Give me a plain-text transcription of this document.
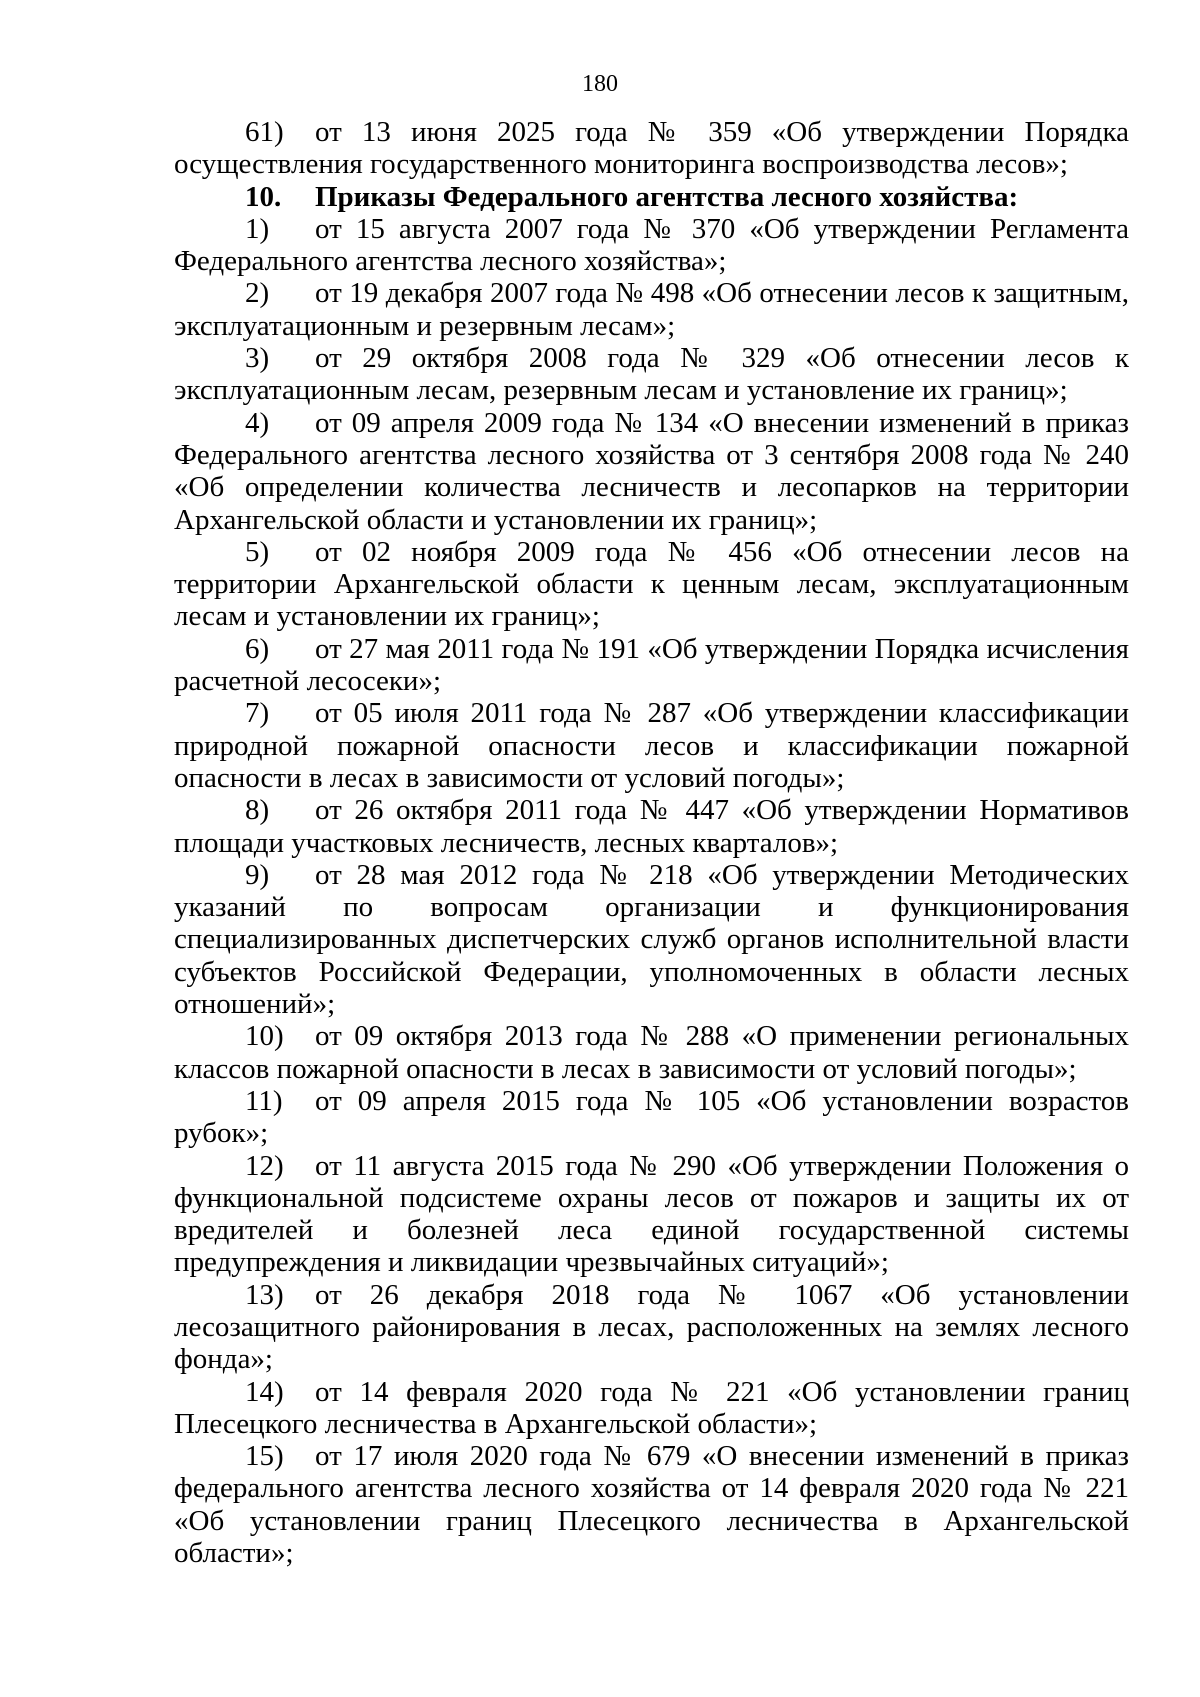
180

61) от 13 июня 2025 года № 359 «Об утверждении Порядка осуществления государственного мониторинга воспроизводства лесов»;

10. Приказы Федерального агентства лесного хозяйства:

1) от 15 августа 2007 года № 370 «Об утверждении Регламента Федерального агентства лесного хозяйства»;

2) от 19 декабря 2007 года № 498 «Об отнесении лесов к защитным, эксплуатационным и резервным лесам»;

3) от 29 октября 2008 года № 329 «Об отнесении лесов к эксплуатационным лесам, резервным лесам и установление их границ»;

4) от 09 апреля 2009 года № 134 «О внесении изменений в приказ Федерального агентства лесного хозяйства от 3 сентября 2008 года № 240 «Об определении количества лесничеств и лесопарков на территории Архангельской области и установлении их границ»;

5) от 02 ноября 2009 года № 456 «Об отнесении лесов на территории Архангельской области к ценным лесам, эксплуатационным лесам и установлении их границ»;

6) от 27 мая 2011 года № 191 «Об утверждении Порядка исчисления расчетной лесосеки»;

7) от 05 июля 2011 года № 287 «Об утверждении классификации природной пожарной опасности лесов и классификации пожарной опасности в лесах в зависимости от условий погоды»;

8) от 26 октября 2011 года № 447 «Об утверждении Нормативов площади участковых лесничеств, лесных кварталов»;

9) от 28 мая 2012 года № 218 «Об утверждении Методических указаний по вопросам организации и функционирования специализированных диспетчерских служб органов исполнительной власти субъектов Российской Федерации, уполномоченных в области лесных отношений»;

10) от 09 октября 2013 года № 288 «О применении региональных классов пожарной опасности в лесах в зависимости от условий погоды»;

11) от 09 апреля 2015 года № 105 «Об установлении возрастов рубок»;

12) от 11 августа 2015 года № 290 «Об утверждении Положения о функциональной подсистеме охраны лесов от пожаров и защиты их от вредителей и болезней леса единой государственной системы предупреждения и ликвидации чрезвычайных ситуаций»;

13) от 26 декабря 2018 года № 1067 «Об установлении лесозащитного районирования в лесах, расположенных на землях лесного фонда»;

14) от 14 февраля 2020 года № 221 «Об установлении границ Плесецкого лесничества в Архангельской области»;

15) от 17 июля 2020 года № 679 «О внесении изменений в приказ федерального агентства лесного хозяйства от 14 февраля 2020 года № 221 «Об установлении границ Плесецкого лесничества в Архангельской области»;
